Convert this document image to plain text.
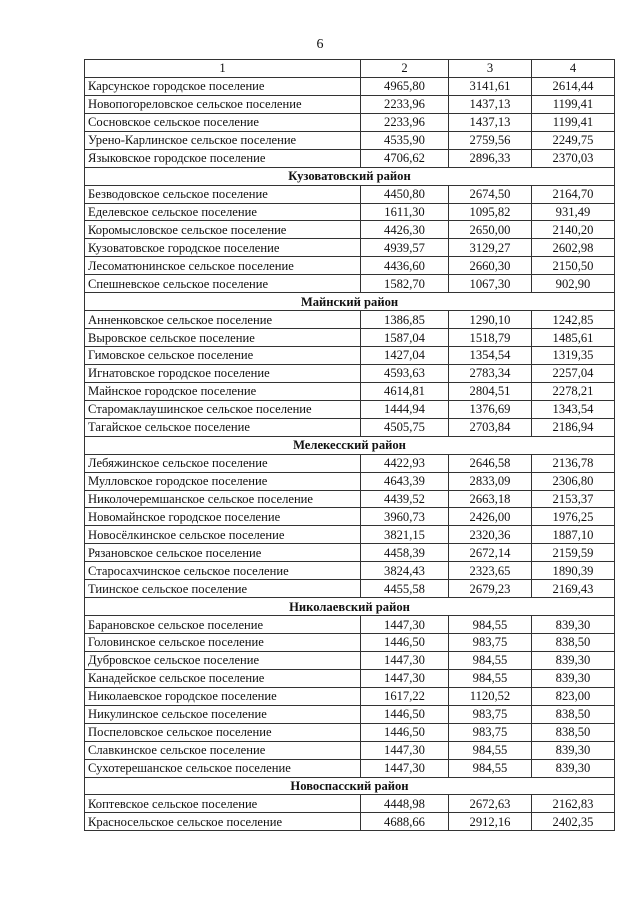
6
1	2	3	4
Карсунское городское поселение	4965,80	3141,61	2614,44
Новопогореловское сельское поселение	2233,96	1437,13	1199,41
Сосновское сельское поселение	2233,96	1437,13	1199,41
Урено-Карлинское сельское поселение	4535,90	2759,56	2249,75
Языковское городское поселение	4706,62	2896,33	2370,03
Кузоватовский район			
Безводовское сельское поселение	4450,80	2674,50	2164,70
Еделевское сельское поселение	1611,30	1095,82	931,49
Коромысловское сельское поселение	4426,30	2650,00	2140,20
Кузоватовское городское поселение	4939,57	3129,27	2602,98
Лесоматюнинское сельское поселение	4436,60	2660,30	2150,50
Спешневское сельское поселение	1582,70	1067,30	902,90
Майнский район			
Анненковское сельское поселение	1386,85	1290,10	1242,85
Выровское сельское поселение	1587,04	1518,79	1485,61
Гимовское сельское поселение	1427,04	1354,54	1319,35
Игнатовское городское поселение	4593,63	2783,34	2257,04
Майнское городское поселение	4614,81	2804,51	2278,21
Старомаклаушинское сельское поселение	1444,94	1376,69	1343,54
Тагайское сельское поселение	4505,75	2703,84	2186,94
Мелекесский район			
Лебяжинское сельское поселение	4422,93	2646,58	2136,78
Мулловское городское поселение	4643,39	2833,09	2306,80
Николочеремшанское сельское поселение	4439,52	2663,18	2153,37
Новомайнское городское поселение	3960,73	2426,00	1976,25
Новосёлкинское сельское поселение	3821,15	2320,36	1887,10
Рязановское сельское поселение	4458,39	2672,14	2159,59
Старосахчинское сельское поселение	3824,43	2323,65	1890,39
Тиинское сельское поселение	4455,58	2679,23	2169,43
Николаевский район			
Барановское сельское поселение	1447,30	984,55	839,30
Головинское сельское поселение	1446,50	983,75	838,50
Дубровское сельское поселение	1447,30	984,55	839,30
Канадейское сельское поселение	1447,30	984,55	839,30
Николаевское городское поселение	1617,22	1120,52	823,00
Никулинское сельское поселение	1446,50	983,75	838,50
Поспеловское сельское поселение	1446,50	983,75	838,50
Славкинское сельское поселение	1447,30	984,55	839,30
Сухотерешанское сельское поселение	1447,30	984,55	839,30
Новоспасский район			
Коптевское сельское поселение	4448,98	2672,63	2162,83
Красносельское сельское поселение	4688,66	2912,16	2402,35
